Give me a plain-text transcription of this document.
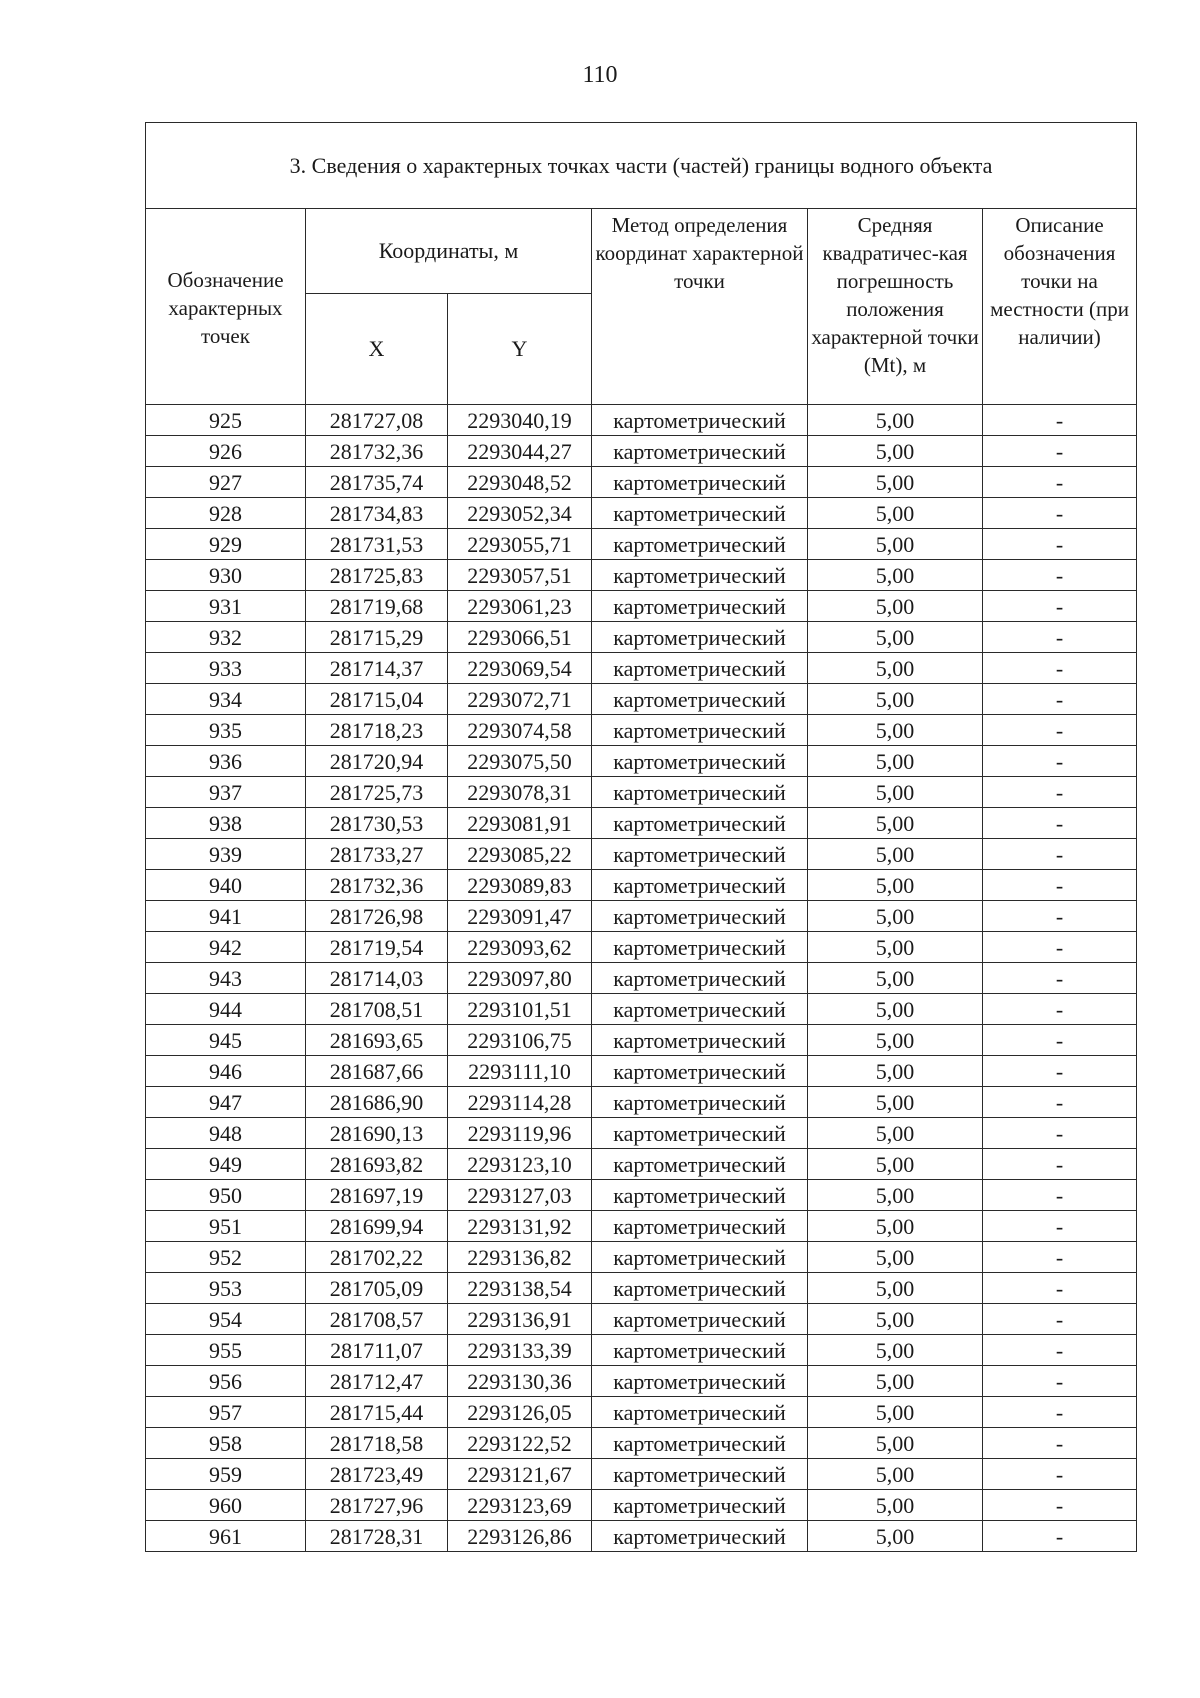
110
3. Сведения о характерных точках части (частей) границы водного объекта					
Обозначение характерных точек	Координаты, м		Метод определения координат характерной точки	Средняя квадратичес-кая погрешность положения характерной точки (Mt), м	Описание обозначения точки на местности (при наличии)
	X	Y			
925	281727,08	2293040,19	картометрический	5,00	-
926	281732,36	2293044,27	картометрический	5,00	-
927	281735,74	2293048,52	картометрический	5,00	-
928	281734,83	2293052,34	картометрический	5,00	-
929	281731,53	2293055,71	картометрический	5,00	-
930	281725,83	2293057,51	картометрический	5,00	-
931	281719,68	2293061,23	картометрический	5,00	-
932	281715,29	2293066,51	картометрический	5,00	-
933	281714,37	2293069,54	картометрический	5,00	-
934	281715,04	2293072,71	картометрический	5,00	-
935	281718,23	2293074,58	картометрический	5,00	-
936	281720,94	2293075,50	картометрический	5,00	-
937	281725,73	2293078,31	картометрический	5,00	-
938	281730,53	2293081,91	картометрический	5,00	-
939	281733,27	2293085,22	картометрический	5,00	-
940	281732,36	2293089,83	картометрический	5,00	-
941	281726,98	2293091,47	картометрический	5,00	-
942	281719,54	2293093,62	картометрический	5,00	-
943	281714,03	2293097,80	картометрический	5,00	-
944	281708,51	2293101,51	картометрический	5,00	-
945	281693,65	2293106,75	картометрический	5,00	-
946	281687,66	2293111,10	картометрический	5,00	-
947	281686,90	2293114,28	картометрический	5,00	-
948	281690,13	2293119,96	картометрический	5,00	-
949	281693,82	2293123,10	картометрический	5,00	-
950	281697,19	2293127,03	картометрический	5,00	-
951	281699,94	2293131,92	картометрический	5,00	-
952	281702,22	2293136,82	картометрический	5,00	-
953	281705,09	2293138,54	картометрический	5,00	-
954	281708,57	2293136,91	картометрический	5,00	-
955	281711,07	2293133,39	картометрический	5,00	-
956	281712,47	2293130,36	картометрический	5,00	-
957	281715,44	2293126,05	картометрический	5,00	-
958	281718,58	2293122,52	картометрический	5,00	-
959	281723,49	2293121,67	картометрический	5,00	-
960	281727,96	2293123,69	картометрический	5,00	-
961	281728,31	2293126,86	картометрический	5,00	-
